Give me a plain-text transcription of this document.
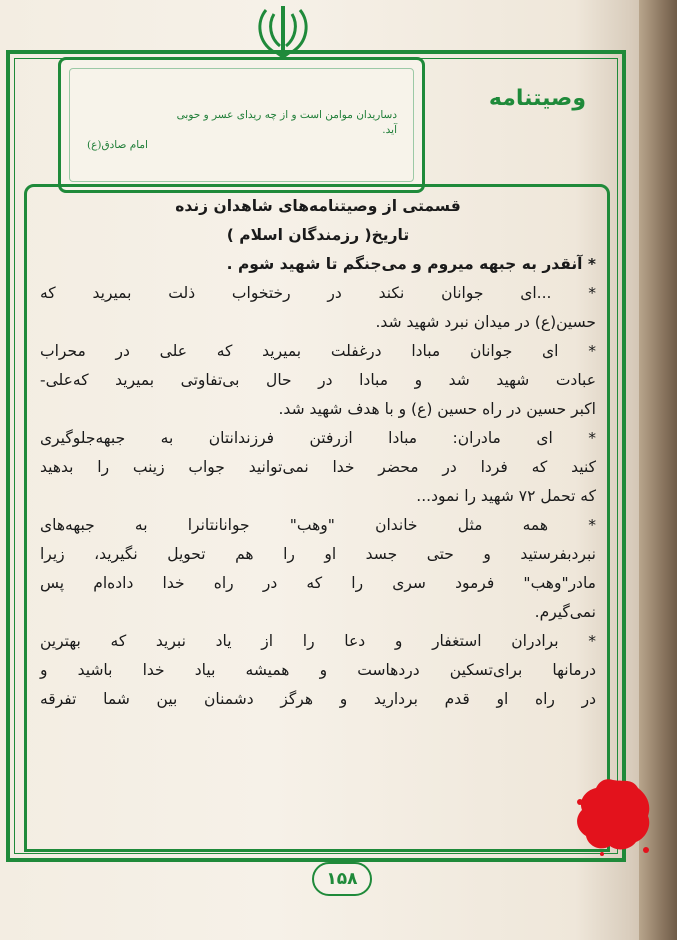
دساریدان موامن است و از چه ریدای عسر و حوبی
آید.
امام صادق(ع)
وصیتنامه
قسمتی از وصیتنامه‌های شاهدان زنده
تاریخ( رزمندگان اسلام )
* آنقدر به جبهه میروم و می‌جنگم تا شهید شوم .
* ...ای جوانان نکند در رختخواب ذلت بمیرید که
حسین(ع) در میدان نبرد شهید شد.
* ای جوانان مبادا درغفلت بمیرید که علی در محراب
عبادت شهید شد و مبادا در حال بی‌تفاوتی بمیرید که‌علی-
اکبر حسین در راه حسین (ع) و با هدف شهید شد.
* ای مادران: مبادا ازرفتن فرزندانتان به جبهه‌جلوگیری
کنید که فردا در محضر خدا نمی‌توانید جواب زینب را بدهید
که تحمل ۷۲ شهید را نمود...
* همه مثل خاندان "وهب" جوانانتانرا به جبهه‌های
نبردبفرستید و حتی جسد او را هم تحویل نگیرید، زیرا
مادر"وهب" فرمود سری را که در راه خدا داده‌ام پس
نمی‌گیرم.
* برادران استغفار و دعا را از یاد نبرید که بهترین
درمانها برای‌تسکین دردهاست و همیشه بیاد خدا باشید و
در راه او قدم بردارید و هرگز دشمنان بین شما تفرقه
۱۵۸
